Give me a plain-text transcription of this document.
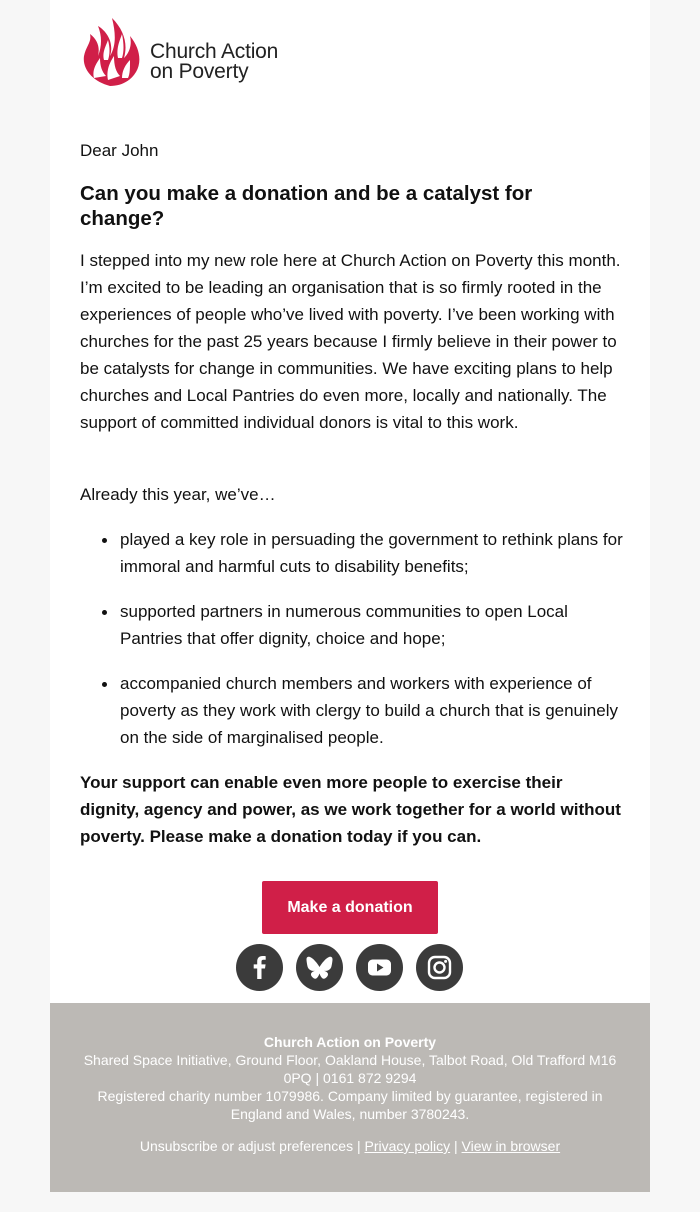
Church Action
on Poverty
Dear John
Can you make a donation and be a catalyst for change?
I stepped into my new role here at Church Action on Poverty this month. I’m excited to be leading an organisation that is so firmly rooted in the experiences of people who’ve lived with poverty. I’ve been working with churches for the past 25 years because I firmly believe in their power to be catalysts for change in communities. We have exciting plans to help churches and Local Pantries do even more, locally and nationally. The support of committed individual donors is vital to this work.
Already this year, we’ve…
played a key role in persuading the government to rethink plans for immoral and harmful cuts to disability benefits;
supported partners in numerous communities to open Local Pantries that offer dignity, choice and hope;
accompanied church members and workers with experience of poverty as they work with clergy to build a church that is genuinely on the side of marginalised people.
Your support can enable even more people to exercise their dignity, agency and power, as we work together for a world without poverty. Please make a donation today if you can.
Make a donation
Church Action on Poverty
Shared Space Initiative, Ground Floor, Oakland House, Talbot Road, Old Trafford M16 0PQ | 0161 872 9294
Registered charity number 1079986. Company limited by guarantee, registered in England and Wales, number 3780243.
Unsubscribe or adjust preferences | Privacy policy | View in browser
